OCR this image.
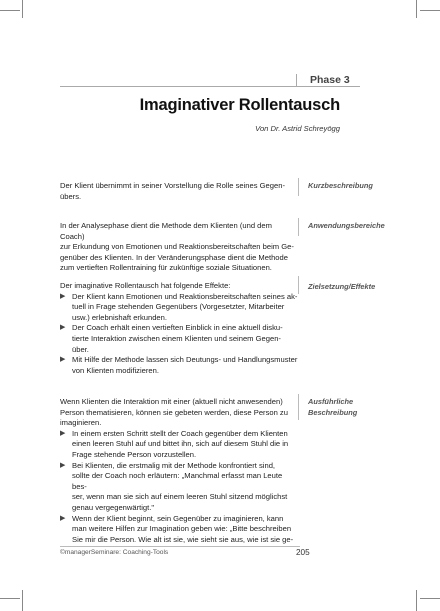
Phase 3
Imaginativer Rollentausch
Von Dr. Astrid Schreyögg

Der Klient übernimmt in seiner Vorstellung die Rolle seines Gegen-

übers.

Kurzbeschreibung

In der Analysephase dient die Methode dem Klienten (und dem Coach)

zur Erkundung von Emotionen und Reaktionsbereitschaften beim Ge-

genüber des Klienten. In der Veränderungsphase dient die Methode

zum vertieften Rollentraining für zukünftige soziale Situationen.

Anwendungsbereiche

Der imaginative Rollentausch hat folgende Effekte:

▶ Der Klient kann Emotionen und Reaktionsbereitschaften seines ak-
tuell in Frage stehenden Gegenübers (Vorgesetzter, Mitarbeiter
usw.) erlebnishaft erkunden.
▶ Der Coach erhält einen vertieften Einblick in eine aktuell disku-
tierte Interaktion zwischen einem Klienten und seinem Gegen-
über.
▶ Mit Hilfe der Methode lassen sich Deutungs- und Handlungsmuster
von Klienten modifizieren.
Zielsetzung/Effekte

Wenn Klienten die Interaktion mit einer (aktuell nicht anwesenden)

Person thematisieren, können sie gebeten werden, diese Person zu

imaginieren.

▶ In einem ersten Schritt stellt der Coach gegenüber dem Klienten
einen leeren Stuhl auf und bittet ihn, sich auf diesem Stuhl die in
Frage stehende Person vorzustellen.
▶ Bei Klienten, die erstmalig mit der Methode konfrontiert sind,
sollte der Coach noch erläutern: „Manchmal erfasst man Leute bes-
ser, wenn man sie sich auf einem leeren Stuhl sitzend möglichst
genau vergegenwärtigt."
▶ Wenn der Klient beginnt, sein Gegenüber zu imaginieren, kann
man weitere Hilfen zur Imagination geben wie: „Bitte beschreiben
Sie mir die Person. Wie alt ist sie, wie sieht sie aus, wie ist sie ge-
Ausführliche
Beschreibung
©managerSeminare: Coaching-Tools	205
